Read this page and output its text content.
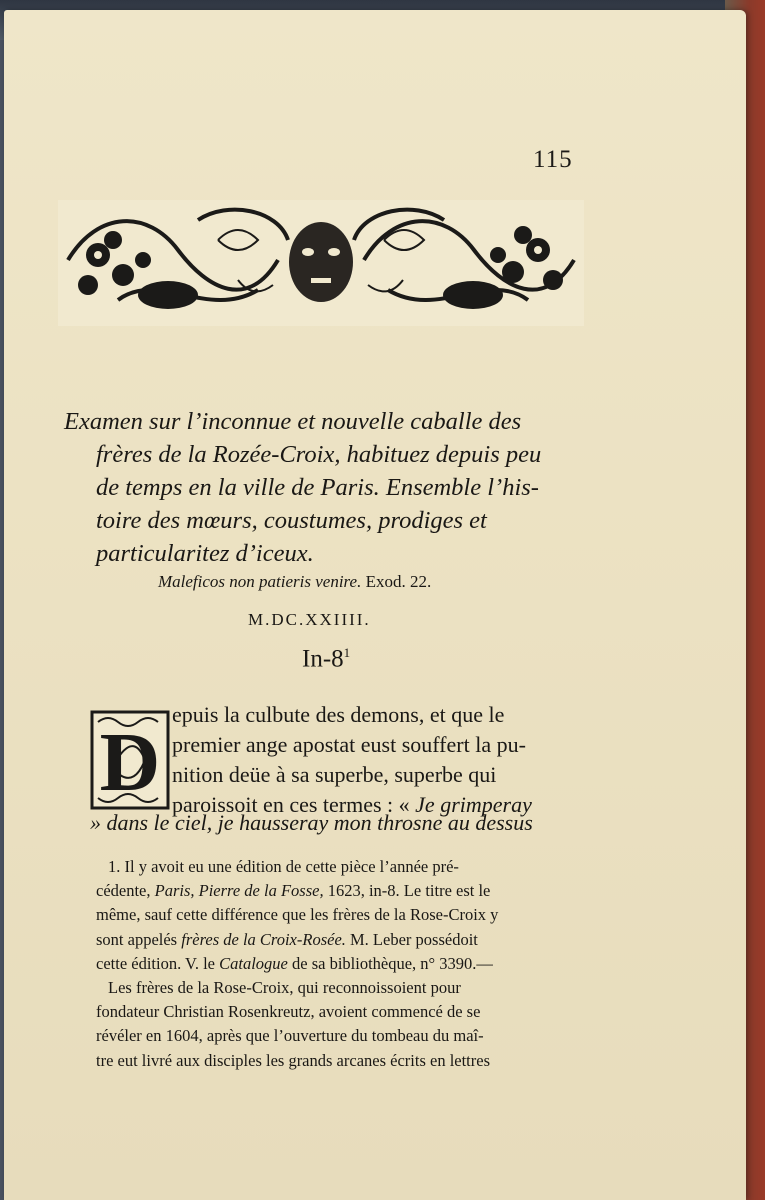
115
Examen sur l’inconnue et nouvelle caballe des
frères de la Rozée-Croix, habituez depuis peu
de temps en la ville de Paris. Ensemble l’his-
toire des mœurs, coustumes, prodiges et
particularitez d’iceux.
Maleficos non patieris venire. Exod. 22.
M.DC.XXIIII.
$In-8^1$
D
epuis la culbute des demons, et que le
premier ange apostat eust souffert la pu-
nition deüe à sa superbe, superbe qui
paroissoit en ces termes : « Je grimperay
» dans le ciel, je hausseray mon throsne au dessus
1. Il y avoit eu une édition de cette pièce l’année pré-
cédente, Paris, Pierre de la Fosse, 1623, in-8. Le titre est le
même, sauf cette différence que les frères de la Rose-Croix y
sont appelés frères de la Croix-Rosée. M. Leber possédoit
cette édition. V. le Catalogue de sa bibliothèque, n° 3390.—
Les frères de la Rose-Croix, qui reconnoissoient pour
fondateur Christian Rosenkreutz, avoient commencé de se
révéler en 1604, après que l’ouverture du tombeau du maî-
tre eut livré aux disciples les grands arcanes écrits en lettres
